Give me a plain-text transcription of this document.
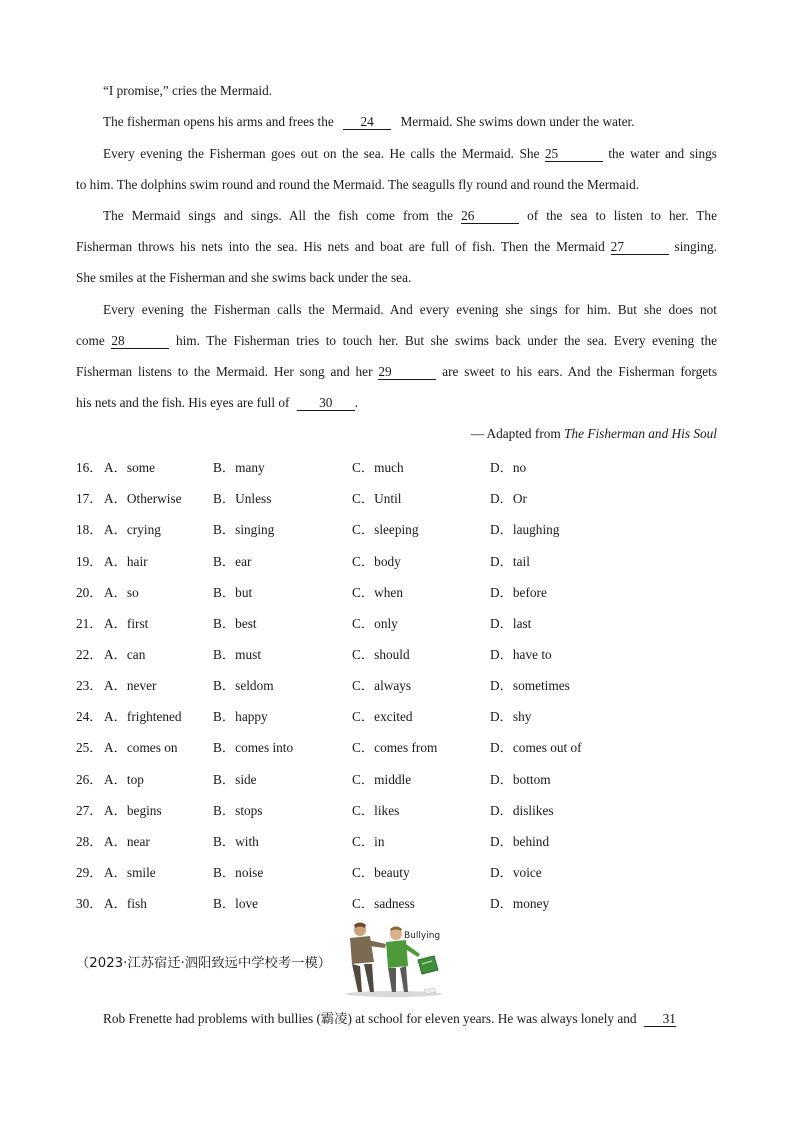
“I promise,” cries the Mermaid.
The fisherman opens his arms and frees the 24 Mermaid. She swims down under the water.
Every evening the Fisherman goes out on the sea. He calls the Mermaid. She 25	the water and sings
to him. The dolphins swim round and round the Mermaid. The seagulls fly round and round the Mermaid.
The Mermaid sings and sings. All the fish come from the 26	of the sea to listen to her. The
Fisherman throws his nets into the sea. His nets and boat are full of fish. Then the Mermaid 27	singing.
She smiles at the Fisherman and she swims back under the sea.
Every evening the Fisherman calls the Mermaid. And every evening she sings for him. But she does not
come 28	him. The Fisherman tries to touch her. But she swims back under the sea. Every evening the
Fisherman listens to the Mermaid. Her song and her 29	are sweet to his ears. And the Fisherman forgets
his nets and the fish. His eyes are full of 30 .
— Adapted from The Fisherman and His Soul
16． A．some	B．many	C．much	D．no
17． A．Otherwise B．Unless	C．Until	D．Or
18． A．crying	B．singing	C．sleeping	D．laughing
19． A．hair	B．ear	C．body	D．tail
20． A．so	B．but	C．when	D．before
21． A．first	B．best	C．only	D．last
22． A．can	B．must	C．should	D．have to
23． A．never	B．seldom	C．always	D．sometimes
24． A．frightened B．happy	C．excited	D．shy
25． A．comes on	B．comes into	C．comes from	D．comes out of
26． A．top	B．side	C．middle	D．bottom
27． A．begins	B．stops	C．likes	D．dislikes
28． A．near	B．with	C．in	D．behind
29． A．smile	B．noise	C．beauty	D．voice
30． A．fish	B．love	C．sadness	D．money
（2023·江苏宿迁·泗阳致远中学校考一模）
Bullying
Rob Frenette had problems with bullies (霸凌) at school for eleven years. He was always lonely and 31
